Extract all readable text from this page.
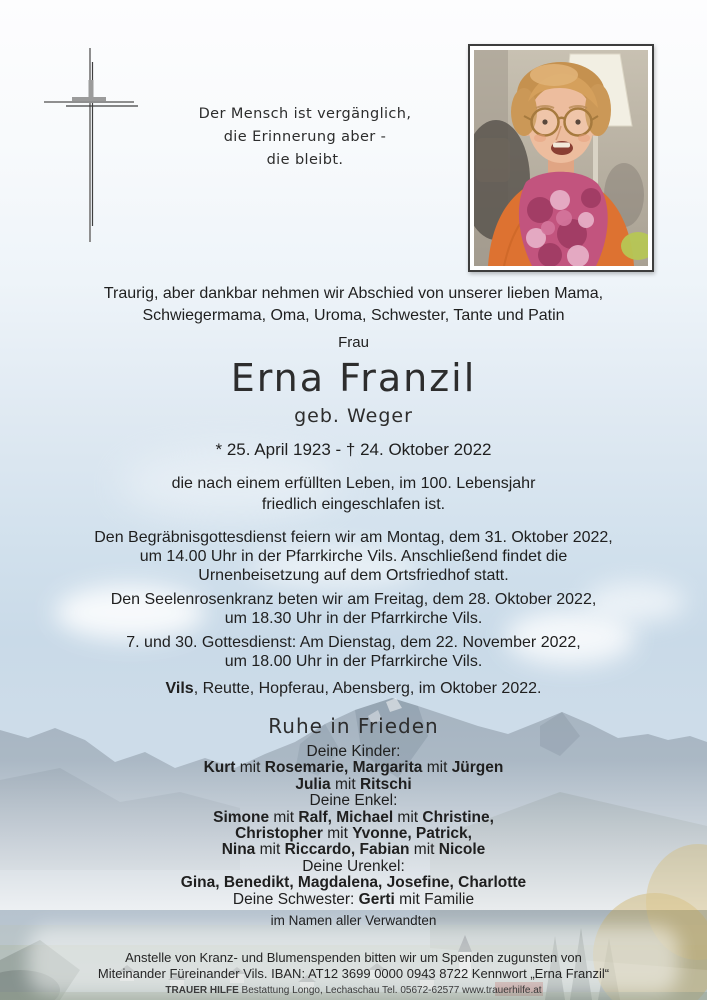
Der Mensch ist vergänglich,
die Erinnerung aber -
die bleibt.
Traurig, aber dankbar nehmen wir Abschied von unserer lieben Mama,
Schwiegermama, Oma, Uroma, Schwester, Tante und Patin
Frau
Erna Franzil
geb. Weger
* 25. April 1923 - † 24. Oktober 2022
die nach einem erfüllten Leben, im 100. Lebensjahr
friedlich eingeschlafen ist.
Den Begräbnisgottesdienst feiern wir am Montag, dem 31. Oktober 2022,
um 14.00 Uhr in der Pfarrkirche Vils. Anschließend findet die
Urnenbeisetzung auf dem Ortsfriedhof statt.
Den Seelenrosenkranz beten wir am Freitag, dem 28. Oktober 2022,
um 18.30 Uhr in der Pfarrkirche Vils.
7. und 30. Gottesdienst: Am Dienstag, dem 22. November 2022,
um 18.00 Uhr in der Pfarrkirche Vils.
Vils, Reutte, Hopferau, Abensberg, im Oktober 2022.
Ruhe in Frieden
Deine Kinder:
Kurt mit Rosemarie, Margarita mit Jürgen
Julia mit Ritschi
Deine Enkel:
Simone mit Ralf, Michael mit Christine,
Christopher mit Yvonne, Patrick,
Nina mit Riccardo, Fabian mit Nicole
Deine Urenkel:
Gina, Benedikt, Magdalena, Josefine, Charlotte
Deine Schwester: Gerti mit Familie
im Namen aller Verwandten
Anstelle von Kranz- und Blumenspenden bitten wir um Spenden zugunsten von
Miteinander Füreinander Vils. IBAN: AT12 3699 0000 0943 8722 Kennwort „Erna Franzil“
TRAUER HILFE Bestattung Longo, Lechaschau Tel. 05672-62577 www.trauerhilfe.at
